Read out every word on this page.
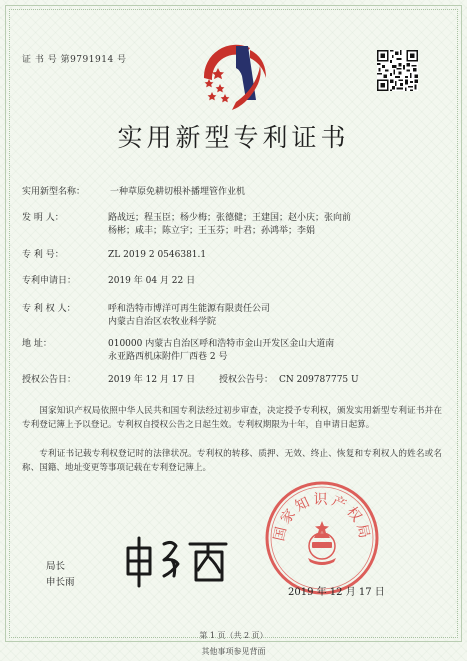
证 书 号 第9791914 号
实用新型专利证书
实用新型名称：	一种草原免耕切根补播埋管作业机
发 明 人：	路战远；程玉臣；杨少梅；张德健；王建国；赵小庆；张向前
杨彬；咸丰；陈立宇；王玉芬；叶君；孙鸿举；李娟
专 利 号：	ZL 2019 2 0546381.1
专利申请日：	2019 年 04 月 22 日
专 利 权 人：	呼和浩特市博洋可再生能源有限责任公司
内蒙古自治区农牧业科学院
地 址：	010000 内蒙古自治区呼和浩特市金山开发区金山大道南
永亚路西机床附件厂西巷 2 号
授权公告日：	2019 年 12 月 17 日	授权公告号： CN 209787775 U

国家知识产权局依照中华人民共和国专利法经过初步审查，决定授予专利权，颁发实用新型专利证书并在专利登记簿上予以登记。专利权自授权公告之日起生效。专利权期限为十年，自申请日起算。

专利证书记载专利权登记时的法律状况。专利权的转移、质押、无效、终止、恢复和专利权人的姓名或名称、国籍、地址变更等事项记载在专利登记簿上。

国家知识产权局
局长
申长雨
2019 年 12 月 17 日
第 1 页（共 2 页）
其他事项参见背面
